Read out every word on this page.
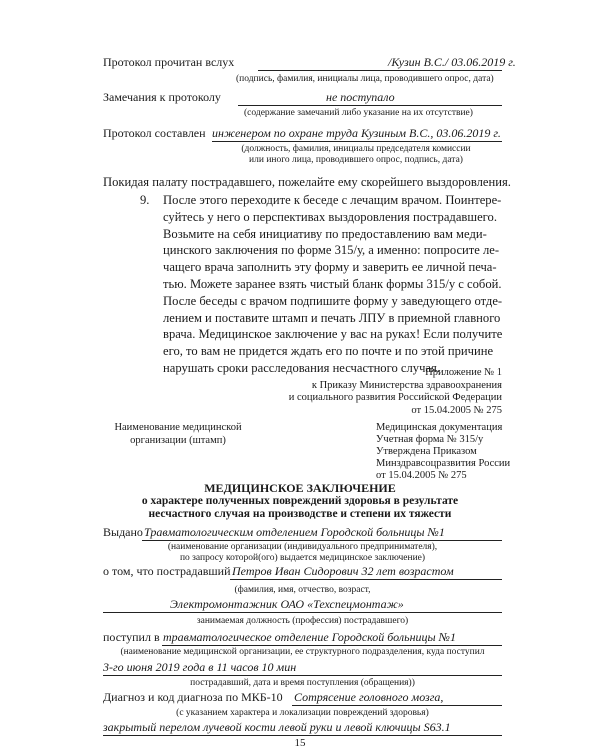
Протокол прочитан вслух	/Кузин В.С./ 03.06.2019 г.
(подпись, фамилия, инициалы лица, проводившего опрос, дата)
Замечания к протоколу	не поступало
(содержание замечаний либо указание на их отсутствие)
Протокол составлен инженером по охране труда Кузиным В.С., 03.06.2019 г.
(должность, фамилия, инициалы председателя комиссии
или иного лица, проводившего опрос, подпись, дата)
Покидая палату пострадавшего, пожелайте ему скорейшего выздоровления.
9. После этого переходите к беседе с лечащим врачом. Поинтере-
суйтесь у него о перспективах выздоровления пострадавшего.
Возьмите на себя инициативу по предоставлению вам меди-
цинского заключения по форме 315/у, а именно: попросите ле-
чащего врача заполнить эту форму и заверить ее личной печа-
тью. Можете заранее взять чистый бланк формы 315/у с собой.
После беседы с врачом подпишите форму у заведующего отде-
лением и поставите штамп и печать ЛПУ в приемной главного
врача. Медицинское заключение у вас на руках! Если получите
его, то вам не придется ждать его по почте и по этой причине
нарушать сроки расследования несчастного случая.
Приложение № 1
к Приказу Министерства здравоохранения
и социального развития Российской Федерации
от 15.04.2005 № 275
Наименование медицинской
организации (штамп)
Медицинская документация
Учетная форма № 315/у
Утверждена Приказом
Минздравсоцразвития России
от 15.04.2005 № 275
МЕДИЦИНСКОЕ ЗАКЛЮЧЕНИЕ
о характере полученных повреждений здоровья в результате
несчастного случая на производстве и степени их тяжести
Выдано Травматологическим отделением Городской больницы №1
(наименование организации (индивидуального предпринимателя),
по запросу которой(ого) выдается медицинское заключение)
о том, что пострадавший Петров Иван Сидорович 32 лет возрастом
(фамилия, имя, отчество, возраст,
Электромонтажник ОАО «Техспецмонтаж»
занимаемая должность (профессия) пострадавшего)
поступил в травматологическое отделение Городской больницы №1
(наименование медицинской организации, ее структурного подразделения, куда поступил
3-го июня 2019 года в 11 часов 10 мин
пострадавший, дата и время поступления (обращения))
Диагноз и код диагноза по МКБ-10 Сотрясение головного мозга,
(с указанием характера и локализации повреждений здоровья)
закрытый перелом лучевой кости левой руки и левой ключицы S63.1
15
